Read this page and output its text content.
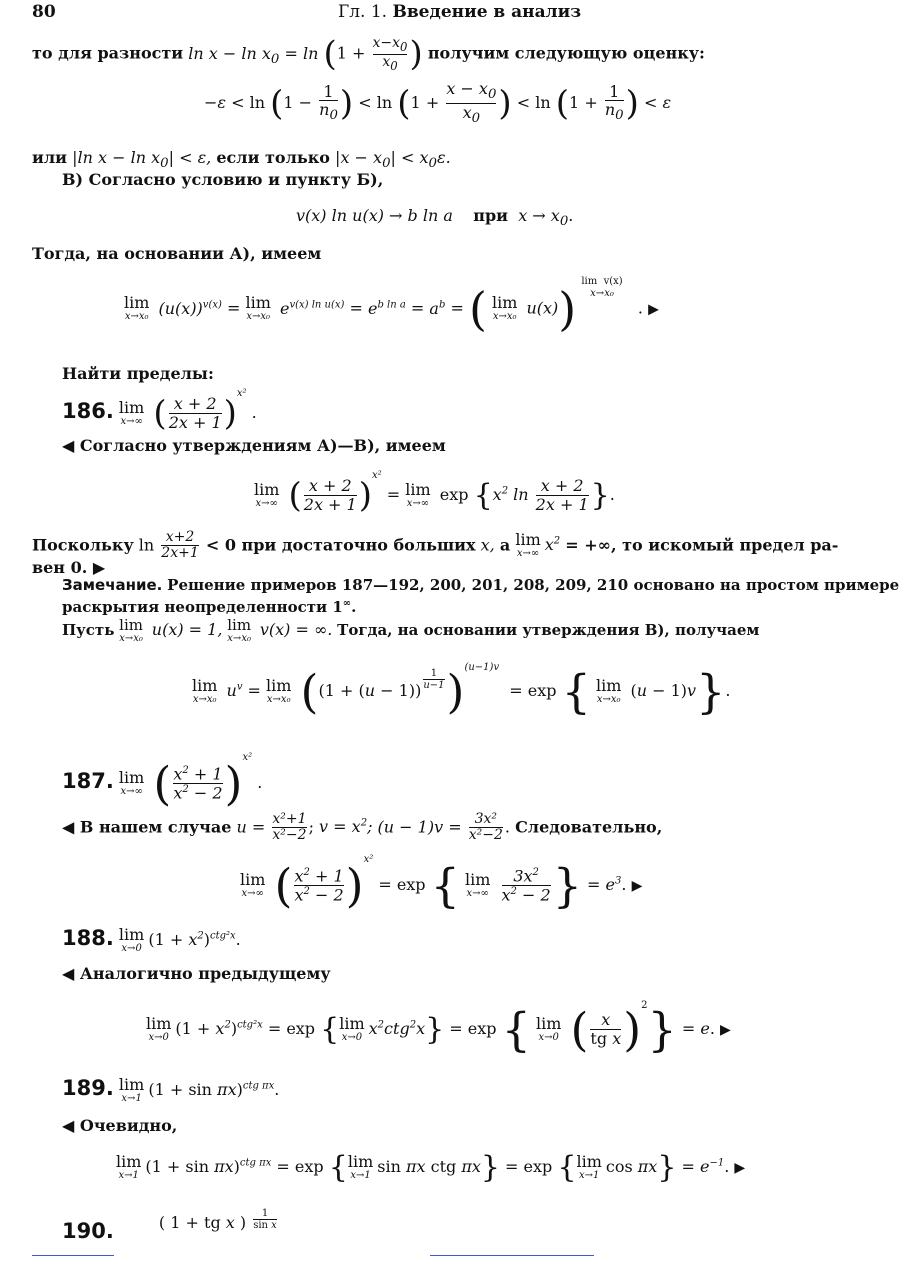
80	Гл. 1. Введение в анализ
то для разности $\ln x - \ln x_0 = \ln (1 + \frac{x-x_0}{x_0}$ ) получим следующую оценку:
$-\varepsilon < \ln (1 - \frac{1}{n_0}$ ) < $\ln (1 + \frac{x - x_0}{x_0}$ ) < $\ln (1 + \frac{1}{n_0}$ ) < ε
или |ln $x - \ln x_0| < \varepsilon$, если только $|x - x_0| < x_0\varepsilon$.
В) Согласно условию и пункту Б),
v(x) ln u(x) → b ln a    при  $x \to x_0$.
Тогда, на основании А), имеем
lim
x→x₀ $(u(x))^{v(x)} = \lim$
x→x₀ $e^{v(x) ln u(x)} = e^{b ln a} = a^b$ = ( lim
x→x₀ u(x)) lim  v(x)
x→x₀   . ▶
Найти пределы:
186. lim
x→∞ ( $\frac{x + 2}{2x + 1} )^{x^2}$ .
◀ Согласно утверждениям А)—В), имеем
lim
x→∞ ( $\frac{x + 2}{2x + 1} )^{x^2} = \lim$
x→∞ $\exp \{x^2$ $\ln \frac{x + 2}{2x + 1}$ }.
Поскольку $\ln \frac{x+2}{2x+1} < 0$ при достаточно больших x, а lim
x→∞ $x^2$ = +∞, то искомый предел ра-
вен 0. ▶
Замечание. Решение примеров 187—192, 200, 201, 208, 209, 210 основано на простом примере
раскрытия неопределенности 1∞.
Пусть lim
x→x₀ u(x) = 1, lim
x→x₀ v(x) = ∞. Тогда, на основании утверждения В), получаем
lim
x→x₀ $u^v = \lim$
x→x₀ ((1 + (u − 1)) $^{\frac{1}{u-1}}$ )$^{(u-1)v}$  = exp { lim
x→x₀ (u − 1)v}.
187. lim
x→∞ ( $\frac{x^2 + 1}{x^2 - 2} )^{x^2}$ .
◀ В нашем случае $u = \frac{\text{x²+1}}{\text{x²−2}}$ ; $v = x^2$; $(u - 1)v = \frac{\text{3x²}}{\text{x²−2}}$ . Следовательно,
lim
x→∞ ( $\frac{x^2 + 1}{x^2 - 2} )^{x^2} = \exp$ { lim
x→∞
$\frac{3x^2}{x^2 - 2}$ } = $e^3$. ▶
188. lim
x→0 $(1 + x^2)^{ctg^2x}$.
◀ Аналогично предыдущему
lim
x→0 $(1 + x^2)^{ctg^2x} = \exp$ { lim
x→0 $x^2ctg^2x\} = \exp$ { lim
x→0 ( $\frac{x}{\text{tg x}} )^2\} = e$. ▶
189. lim
x→1 $(1 + \sin \pi x)^{ctg \pi x}$.
◀ Очевидно,
lim
x→1 $(1 + \sin \pi x)^{ctg \pi x} = \exp$ { lim
x→1 sin πx ctg πx} = exp { lim
x→1 $\cos \pi x\} = e^{-1}$. ▶
190.	( 1 + tg x ) $^{\frac{1}{\text{sin x}}}$
